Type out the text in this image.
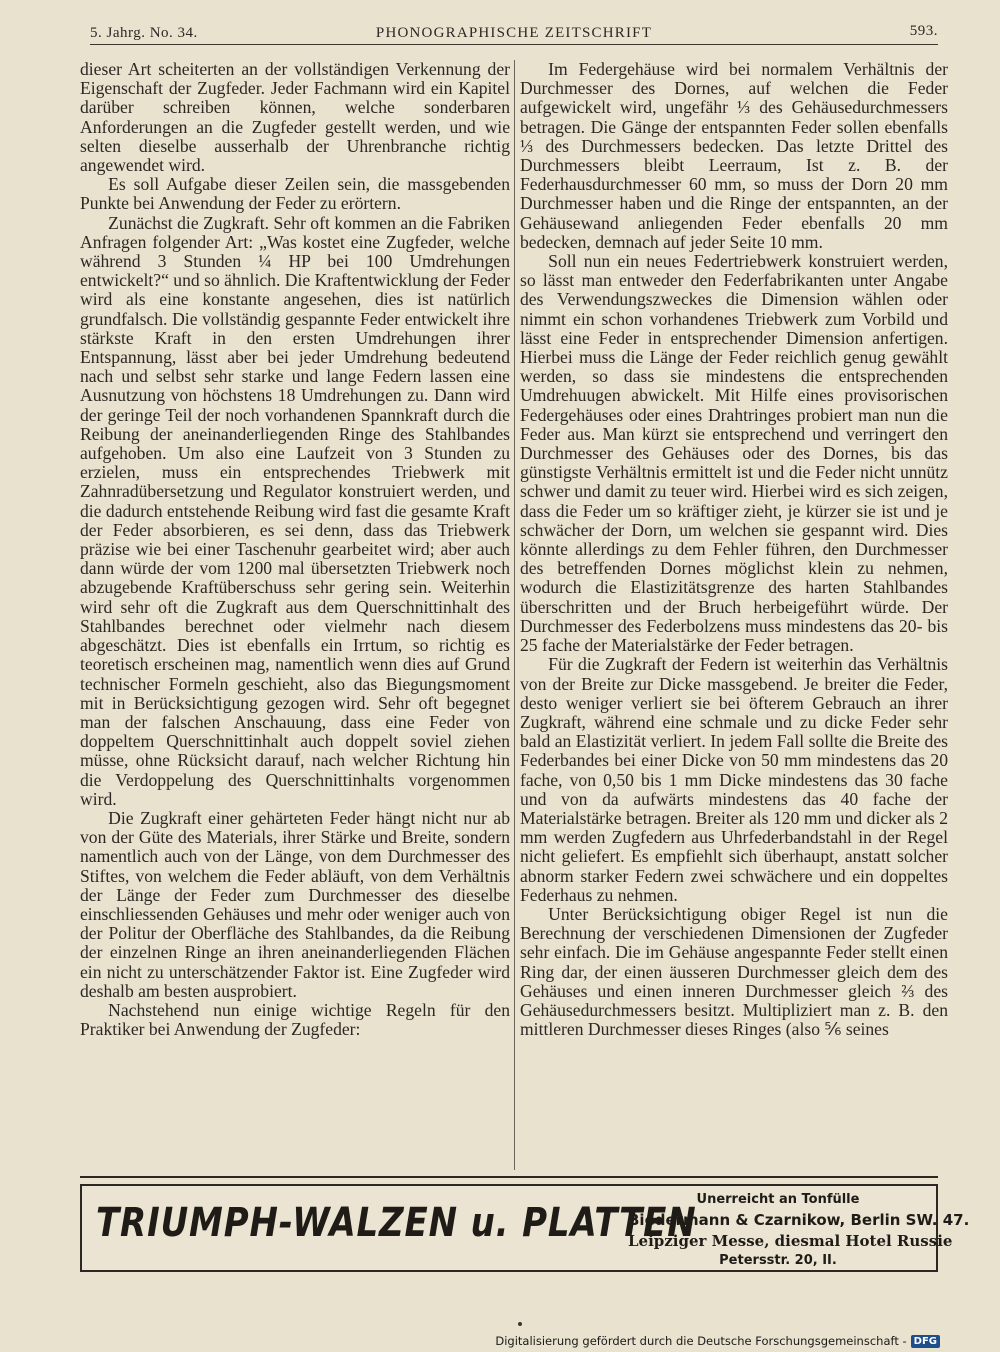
5. Jahrg. No. 34.	PHONOGRAPHISCHE ZEITSCHRIFT	593.

dieser Art scheiterten an der vollständigen Verkennung der Eigenschaft der Zugfeder. Jeder Fachmann wird ein Kapitel darüber schreiben können, welche sonderbaren Anforderungen an die Zugfeder gestellt werden, und wie selten dieselbe ausserhalb der Uhrenbranche richtig angewendet wird.

Es soll Aufgabe dieser Zeilen sein, die massgebenden Punkte bei Anwendung der Feder zu erörtern.

Zunächst die Zugkraft. Sehr oft kommen an die Fabriken Anfragen folgender Art: „Was kostet eine Zugfeder, welche während 3 Stunden ¼ HP bei 100 Umdrehungen entwickelt?“ und so ähnlich. Die Kraftentwicklung der Feder wird als eine konstante angesehen, dies ist natürlich grundfalsch. Die vollständig gespannte Feder entwickelt ihre stärkste Kraft in den ersten Umdrehungen ihrer Entspannung, lässt aber bei jeder Umdrehung bedeutend nach und selbst sehr starke und lange Federn lassen eine Ausnutzung von höchstens 18 Umdrehungen zu. Dann wird der geringe Teil der noch vorhandenen Spannkraft durch die Reibung der aneinanderliegenden Ringe des Stahlbandes aufgehoben. Um also eine Laufzeit von 3 Stunden zu erzielen, muss ein entsprechendes Triebwerk mit Zahnradübersetzung und Regulator konstruiert werden, und die dadurch entstehende Reibung wird fast die gesamte Kraft der Feder absorbieren, es sei denn, dass das Triebwerk präzise wie bei einer Taschenuhr gearbeitet wird; aber auch dann würde der vom 1200 mal übersetzten Triebwerk noch abzugebende Kraftüberschuss sehr gering sein. Weiterhin wird sehr oft die Zugkraft aus dem Querschnittinhalt des Stahlbandes berechnet oder vielmehr nach diesem abgeschätzt. Dies ist ebenfalls ein Irrtum, so richtig es teoretisch erscheinen mag, namentlich wenn dies auf Grund technischer Formeln geschieht, also das Biegungsmoment mit in Berücksichtigung gezogen wird. Sehr oft begegnet man der falschen Anschauung, dass eine Feder von doppeltem Querschnittinhalt auch doppelt soviel ziehen müsse, ohne Rücksicht darauf, nach welcher Richtung hin die Verdoppelung des Querschnittinhalts vorgenommen wird.

Die Zugkraft einer gehärteten Feder hängt nicht nur ab von der Güte des Materials, ihrer Stärke und Breite, sondern namentlich auch von der Länge, von dem Durchmesser des Stiftes, von welchem die Feder abläuft, von dem Verhältnis der Länge der Feder zum Durchmesser des dieselbe einschliessenden Gehäuses und mehr oder weniger auch von der Politur der Oberfläche des Stahlbandes, da die Reibung der einzelnen Ringe an ihren aneinanderliegenden Flächen ein nicht zu unterschätzender Faktor ist. Eine Zugfeder wird deshalb am besten ausprobiert.

Nachstehend nun einige wichtige Regeln für den Praktiker bei Anwendung der Zugfeder:

Im Federgehäuse wird bei normalem Verhältnis der Durchmesser des Dornes, auf welchen die Feder aufgewickelt wird, ungefähr ⅓ des Gehäusedurchmessers betragen. Die Gänge der entspannten Feder sollen ebenfalls ⅓ des Durchmessers bedecken. Das letzte Drittel des Durchmessers bleibt Leerraum, Ist z. B. der Federhausdurchmesser 60 mm, so muss der Dorn 20 mm Durchmesser haben und die Ringe der entspannten, an der Gehäusewand anliegenden Feder ebenfalls 20 mm bedecken, demnach auf jeder Seite 10 mm.

Soll nun ein neues Federtriebwerk konstruiert werden, so lässt man entweder den Federfabrikanten unter Angabe des Verwendungszweckes die Dimension wählen oder nimmt ein schon vorhandenes Triebwerk zum Vorbild und lässt eine Feder in entsprechender Dimension anfertigen. Hierbei muss die Länge der Feder reichlich genug gewählt werden, so dass sie mindestens die entsprechenden Umdrehuugen abwickelt. Mit Hilfe eines provisorischen Federgehäuses oder eines Drahtringes probiert man nun die Feder aus. Man kürzt sie entsprechend und verringert den Durchmesser des Gehäuses oder des Dornes, bis das günstigste Verhältnis ermittelt ist und die Feder nicht unnütz schwer und damit zu teuer wird. Hierbei wird es sich zeigen, dass die Feder um so kräftiger zieht, je kürzer sie ist und je schwächer der Dorn, um welchen sie gespannt wird. Dies könnte allerdings zu dem Fehler führen, den Durchmesser des betreffenden Dornes möglichst klein zu nehmen, wodurch die Elastizitätsgrenze des harten Stahlbandes überschritten und der Bruch herbeigeführt würde. Der Durchmesser des Federbolzens muss mindestens das 20- bis 25 fache der Materialstärke der Feder betragen.

Für die Zugkraft der Federn ist weiterhin das Verhältnis von der Breite zur Dicke massgebend. Je breiter die Feder, desto weniger verliert sie bei öfterem Gebrauch an ihrer Zugkraft, während eine schmale und zu dicke Feder sehr bald an Elastizität verliert. In jedem Fall sollte die Breite des Federbandes bei einer Dicke von 50 mm mindestens das 20 fache, von 0,50 bis 1 mm Dicke mindestens das 30 fache und von da aufwärts mindestens das 40 fache der Materialstärke betragen. Breiter als 120 mm und dicker als 2 mm werden Zugfedern aus Uhrfederbandstahl in der Regel nicht geliefert. Es empfiehlt sich überhaupt, anstatt solcher abnorm starker Federn zwei schwächere und ein doppeltes Federhaus zu nehmen.

Unter Berücksichtigung obiger Regel ist nun die Berechnung der verschiedenen Dimensionen der Zugfeder sehr einfach. Die im Gehäuse angespannte Feder stellt einen Ring dar, der einen äusseren Durchmesser gleich dem des Gehäuses und einen inneren Durchmesser gleich ⅔ des Gehäusedurchmessers besitzt. Multipliziert man z. B. den mittleren Durchmesser dieses Ringes (also ⅚ seines

TRIUMPH-WALZEN u. PLATTEN
Unerreicht an Tonfülle
Biedermann & Czarnikow, Berlin SW. 47.
Leipziger Messe, diesmal Hotel Russie
Petersstr. 20, II.
Digitalisierung gefördert durch die Deutsche Forschungsgemeinschaft - DFG
